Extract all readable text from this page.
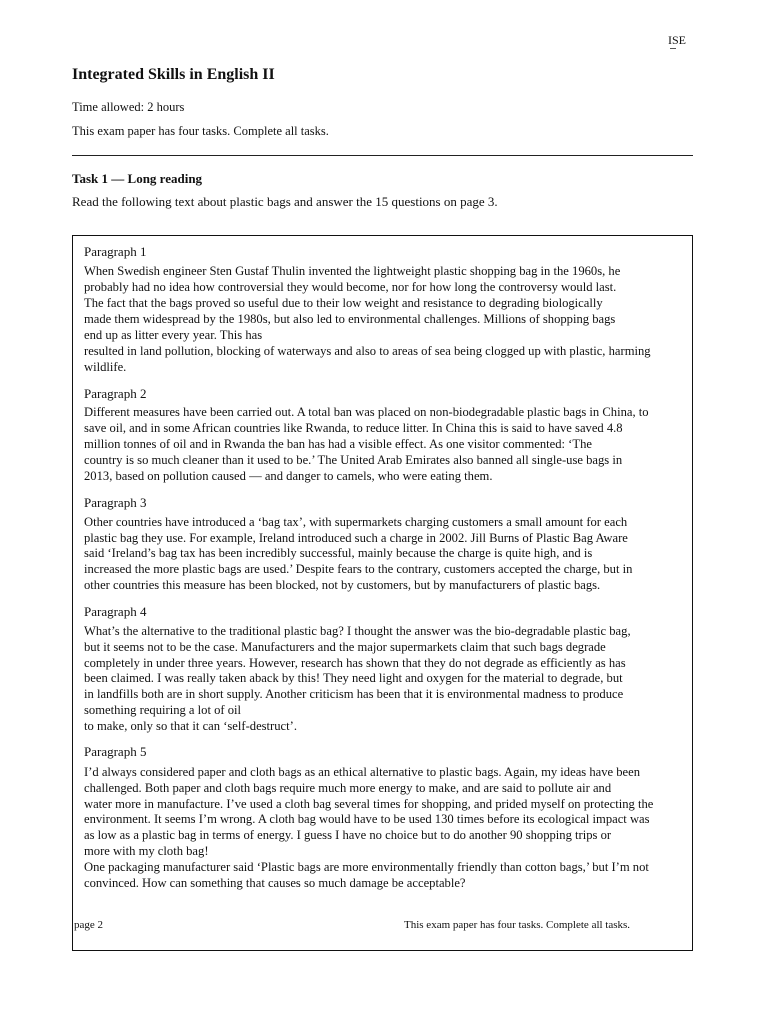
ISE
Integrated Skills in English II
Time allowed: 2 hours
This exam paper has four tasks. Complete all tasks.
Task 1 — Long reading
Read the following text about plastic bags and answer the 15 questions on page 3.
Paragraph 1
When Swedish engineer Sten Gustaf Thulin invented the lightweight plastic shopping bag in the 1960s, he
probably had no idea how controversial they would become, nor for how long the controversy would last.
The fact that the bags proved so useful due to their low weight and resistance to degrading biologically
made them widespread by the 1980s, but also led to environmental challenges. Millions of shopping bags
end up as litter every year. This has
resulted in land pollution, blocking of waterways and also to areas of sea being clogged up with plastic, harming
wildlife.
Paragraph 2
Different measures have been carried out. A total ban was placed on non-biodegradable plastic bags in China, to
save oil, and in some African countries like Rwanda, to reduce litter. In China this is said to have saved 4.8
million tonnes of oil and in Rwanda the ban has had a visible effect. As one visitor commented: ‘The
country is so much cleaner than it used to be.’ The United Arab Emirates also banned all single-use bags in
2013, based on pollution caused — and danger to camels, who were eating them.
Paragraph 3
Other countries have introduced a ‘bag tax’, with supermarkets charging customers a small amount for each
plastic bag they use. For example, Ireland introduced such a charge in 2002. Jill Burns of Plastic Bag Aware
said ‘Ireland’s bag tax has been incredibly successful, mainly because the charge is quite high, and is
increased the more plastic bags are used.’ Despite fears to the contrary, customers accepted the charge, but in
other countries this measure has been blocked, not by customers, but by manufacturers of plastic bags.
Paragraph 4
What’s the alternative to the traditional plastic bag? I thought the answer was the bio-degradable plastic bag,
but it seems not to be the case. Manufacturers and the major supermarkets claim that such bags degrade
completely in under three years. However, research has shown that they do not degrade as efficiently as has
been claimed. I was really taken aback by this! They need light and oxygen for the material to degrade, but
in landfills both are in short supply. Another criticism has been that it is environmental madness to produce
something requiring a lot of oil
to make, only so that it can ‘self-destruct’.
Paragraph 5
I’d always considered paper and cloth bags as an ethical alternative to plastic bags. Again, my ideas have been
challenged. Both paper and cloth bags require much more energy to make, and are said to pollute air and
water more in manufacture. I’ve used a cloth bag several times for shopping, and prided myself on protecting the
environment. It seems I’m wrong. A cloth bag would have to be used 130 times before its ecological impact was
as low as a plastic bag in terms of energy. I guess I have no choice but to do another 90 shopping trips or
more with my cloth bag!
One packaging manufacturer said ‘Plastic bags are more environmentally friendly than cotton bags,’ but I’m not
convinced. How can something that causes so much damage be acceptable?
page 2	This exam paper has four tasks. Complete all tasks.
